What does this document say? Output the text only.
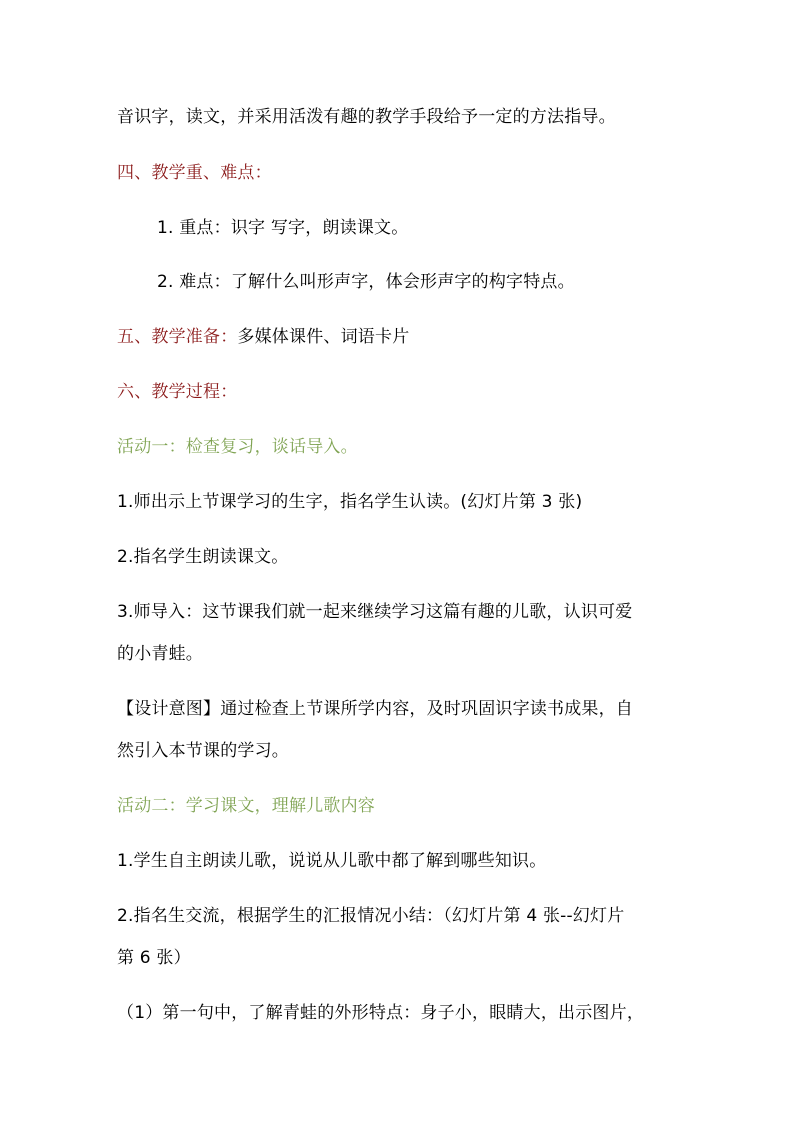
音识字，读文，并采用活泼有趣的教学手段给予一定的方法指导。
四、教学重、难点：
1. 重点：识字 写字，朗读课文。
2. 难点：了解什么叫形声字，体会形声字的构字特点。
五、教学准备：多媒体课件、词语卡片
六、教学过程：
活动一：检查复习，谈话导入。
1.师出示上节课学习的生字，指名学生认读。(幻灯片第 3 张)
2.指名学生朗读课文。
3.师导入：这节课我们就一起来继续学习这篇有趣的儿歌，认识可爱
的小青蛙。
【设计意图】通过检查上节课所学内容，及时巩固识字读书成果，自
然引入本节课的学习。
活动二：学习课文，理解儿歌内容
1.学生自主朗读儿歌，说说从儿歌中都了解到哪些知识。
2.指名生交流，根据学生的汇报情况小结：（幻灯片第 4 张--幻灯片
第 6 张）
（1）第一句中，了解青蛙的外形特点：身子小，眼睛大，出示图片，
